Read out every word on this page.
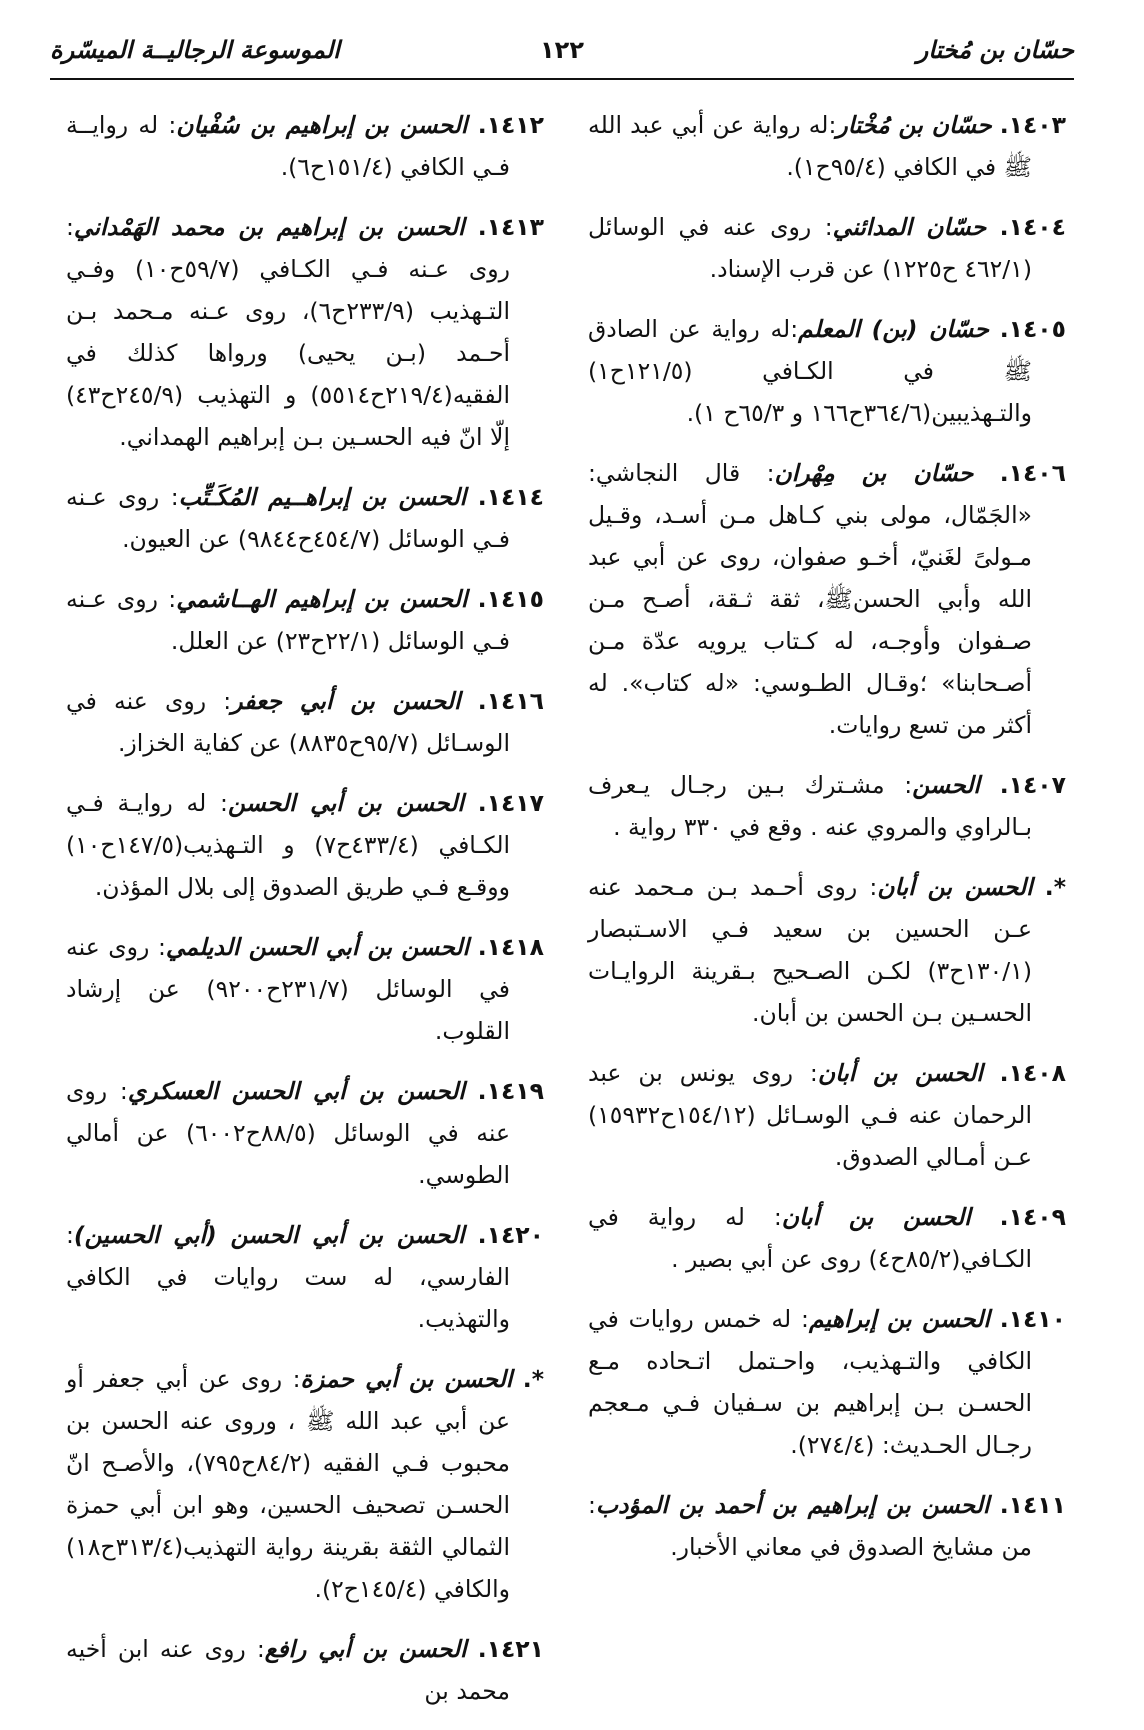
حسّان بن مُختار
١٢٢
الموسوعة الرجاليــة الميسّرة
١٤٠٣. حسّان بن مُخْتار:له رواية عن أبي عبد الله ﷺ في الكافي (٩٥/٤ح١).
١٤٠٤. حسّان المدائني: روى عنه في الوسائل (٤٦٢/١ ح١٢٢٥) عن قرب الإسناد.
١٤٠٥. حسّان (بن) المعلم:له رواية عن الصادق ﷺ في الكـافي (١٢١/٥ح١) والتـهذيبين(٣٦٤/٦ح١٦٦ و ٦٥/٣ح ١).
١٤٠٦. حسّان بن مِهْران: قال النجاشي: «الجَمّال، مولى بني كـاهل مـن أسـد، وقـيل مـولىً لغَنيّ، أخـو صفوان، روى عن أبي عبد الله وأبي الحسنﷺ، ثقة ثـقة، أصـح مـن صـفوان وأوجـه، له كـتاب يرويه عدّة مـن أصـحابنا» ؛وقـال الطـوسي: «له كتاب». له أكثر من تسع روايات.
١٤٠٧. الحسن: مشـترك بـين رجـال يـعرف بـالراوي والمروي عنه . وقع في ٣٣٠ رواية .
*. الحسن بن أبان: روى أحـمد بـن مـحمد عنه عـن الحسين بن سعيد فـي الاسـتبصار (١٣٠/١ح٣) لكـن الصـحيح بـقرينة الروايـات الحسـين بـن الحسن بن أبان.
١٤٠٨. الحسن بن أبان: روى يونس بن عبد الرحمان عنه فـي الوسـائل (١٥٤/١٢ح١٥٩٣٢) عـن أمـالي الصدوق.
١٤٠٩. الحسن بن أبان: له رواية في الكـافي(٨٥/٢ح٤) روى عن أبي بصير .
١٤١٠. الحسن بن إبراهيم: له خمس روايات في الكافي والتـهذيب، واحـتمل اتـحاده مـع الحسـن بـن إبراهيم بن سـفيان فـي مـعجم رجـال الحـديث: (٢٧٤/٤).
١٤١١. الحسن بن إبراهيم بن أحمد بن المؤدب: من مشايخ الصدوق في معاني الأخبار.
١٤١٢. الحسن بن إبراهيم بن سُفْيان: له روايــة فـي الكافي (١٥١/٤ح٦).
١٤١٣. الحسن بن إبراهيم بن محمد الهَمْداني: روى عـنه فـي الكـافي (٥٩/٧ح١٠) وفـي التـهذيب (٢٣٣/٩ح٦)، روى عـنه مـحمد بـن أحـمد (بـن يحيى) ورواها كذلك في الفقيه(٢١٩/٤ح٥٥١٤) و التهذيب (٢٤٥/٩ح٤٣) إلّا انّ فيه الحسـين بـن إبراهيم الهمداني.
١٤١٤. الحسن بن إبراهــيم المُكَـتِّب: روى عـنه فـي الوسائل (٤٥٤/٧ح٩٨٤٤) عن العيون.
١٤١٥. الحسن بن إبراهيم الهــاشمي: روى عـنه فـي الوسائل (٢٢/١ح٢٣) عن العلل.
١٤١٦. الحسن بن أبي جعفر: روى عنه في الوسـائل (٩٥/٧ح٨٨٣٥) عن كفاية الخزاز.
١٤١٧. الحسن بن أبي الحسن: له روايـة فـي الكـافي (٤٣٣/٤ح٧) و التـهذيب(١٤٧/٥ح١٠) ووقـع فـي طريق الصدوق إلى بلال المؤذن.
١٤١٨. الحسن بن أبي الحسن الديلمي: روى عنه في الوسائل (٢٣١/٧ح٩٢٠٠) عن إرشاد القلوب.
١٤١٩. الحسن بن أبي الحسن العسكري: روى عنه في الوسائل (٨٨/٥ح٦٠٠٢) عن أمالي الطوسي.
١٤٢٠. الحسن بن أبي الحسن (أبي الحسين): الفارسي، له ست روايات في الكافي والتهذيب.
*. الحسن بن أبي حمزة: روى عن أبي جعفر أو عن أبي عبد الله ﷺ ، وروى عنه الحسن بن محبوب فـي الفقيه (٨٤/٢ح٧٩٥)، والأصـح انّ الحسـن تصحيف الحسين، وهو ابن أبي حمزة الثمالي الثقة بقرينة رواية التهذيب(٣١٣/٤ح١٨) والكافي (١٤٥/٤ح٢).
١٤٢١. الحسن بن أبي رافع: روى عنه ابن أخيه محمد بن
